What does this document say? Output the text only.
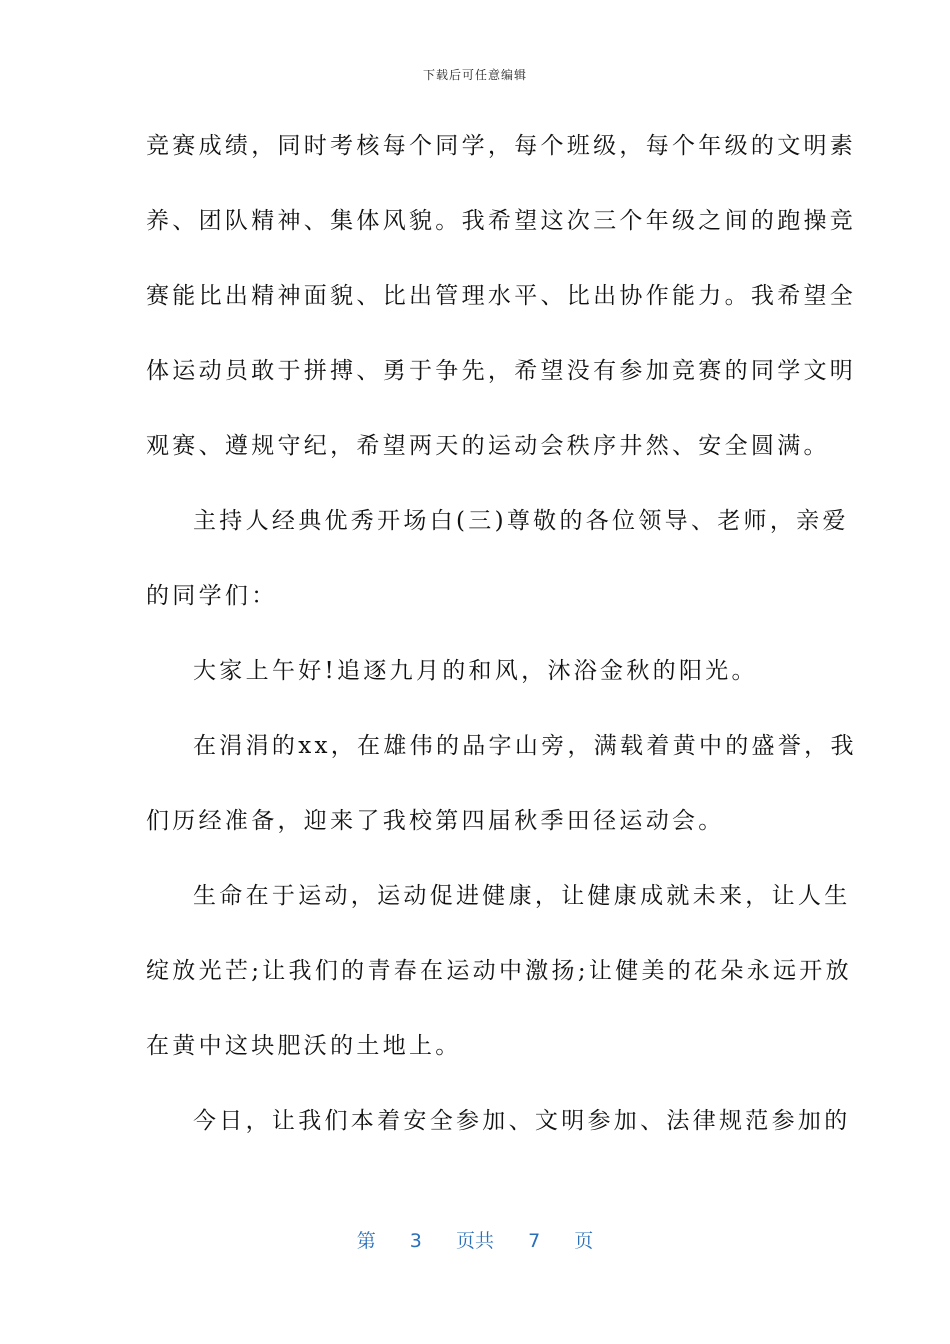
下载后可任意编辑
竞赛成绩，同时考核每个同学，每个班级，每个年级的文明素
养、团队精神、集体风貌。我希望这次三个年级之间的跑操竞
赛能比出精神面貌、比出管理水平、比出协作能力。我希望全
体运动员敢于拼搏、勇于争先，希望没有参加竞赛的同学文明
观赛、遵规守纪，希望两天的运动会秩序井然、安全圆满。
主持人经典优秀开场白(三)尊敬的各位领导、老师，亲爱
的同学们：
大家上午好!追逐九月的和风，沐浴金秋的阳光。
在涓涓的xx，在雄伟的品字山旁，满载着黄中的盛誉，我
们历经准备，迎来了我校第四届秋季田径运动会。
生命在于运动，运动促进健康，让健康成就未来，让人生
绽放光芒;让我们的青春在运动中激扬;让健美的花朵永远开放
在黄中这块肥沃的土地上。
今日，让我们本着安全参加、文明参加、法律规范参加的
第 3 页共 7 页
